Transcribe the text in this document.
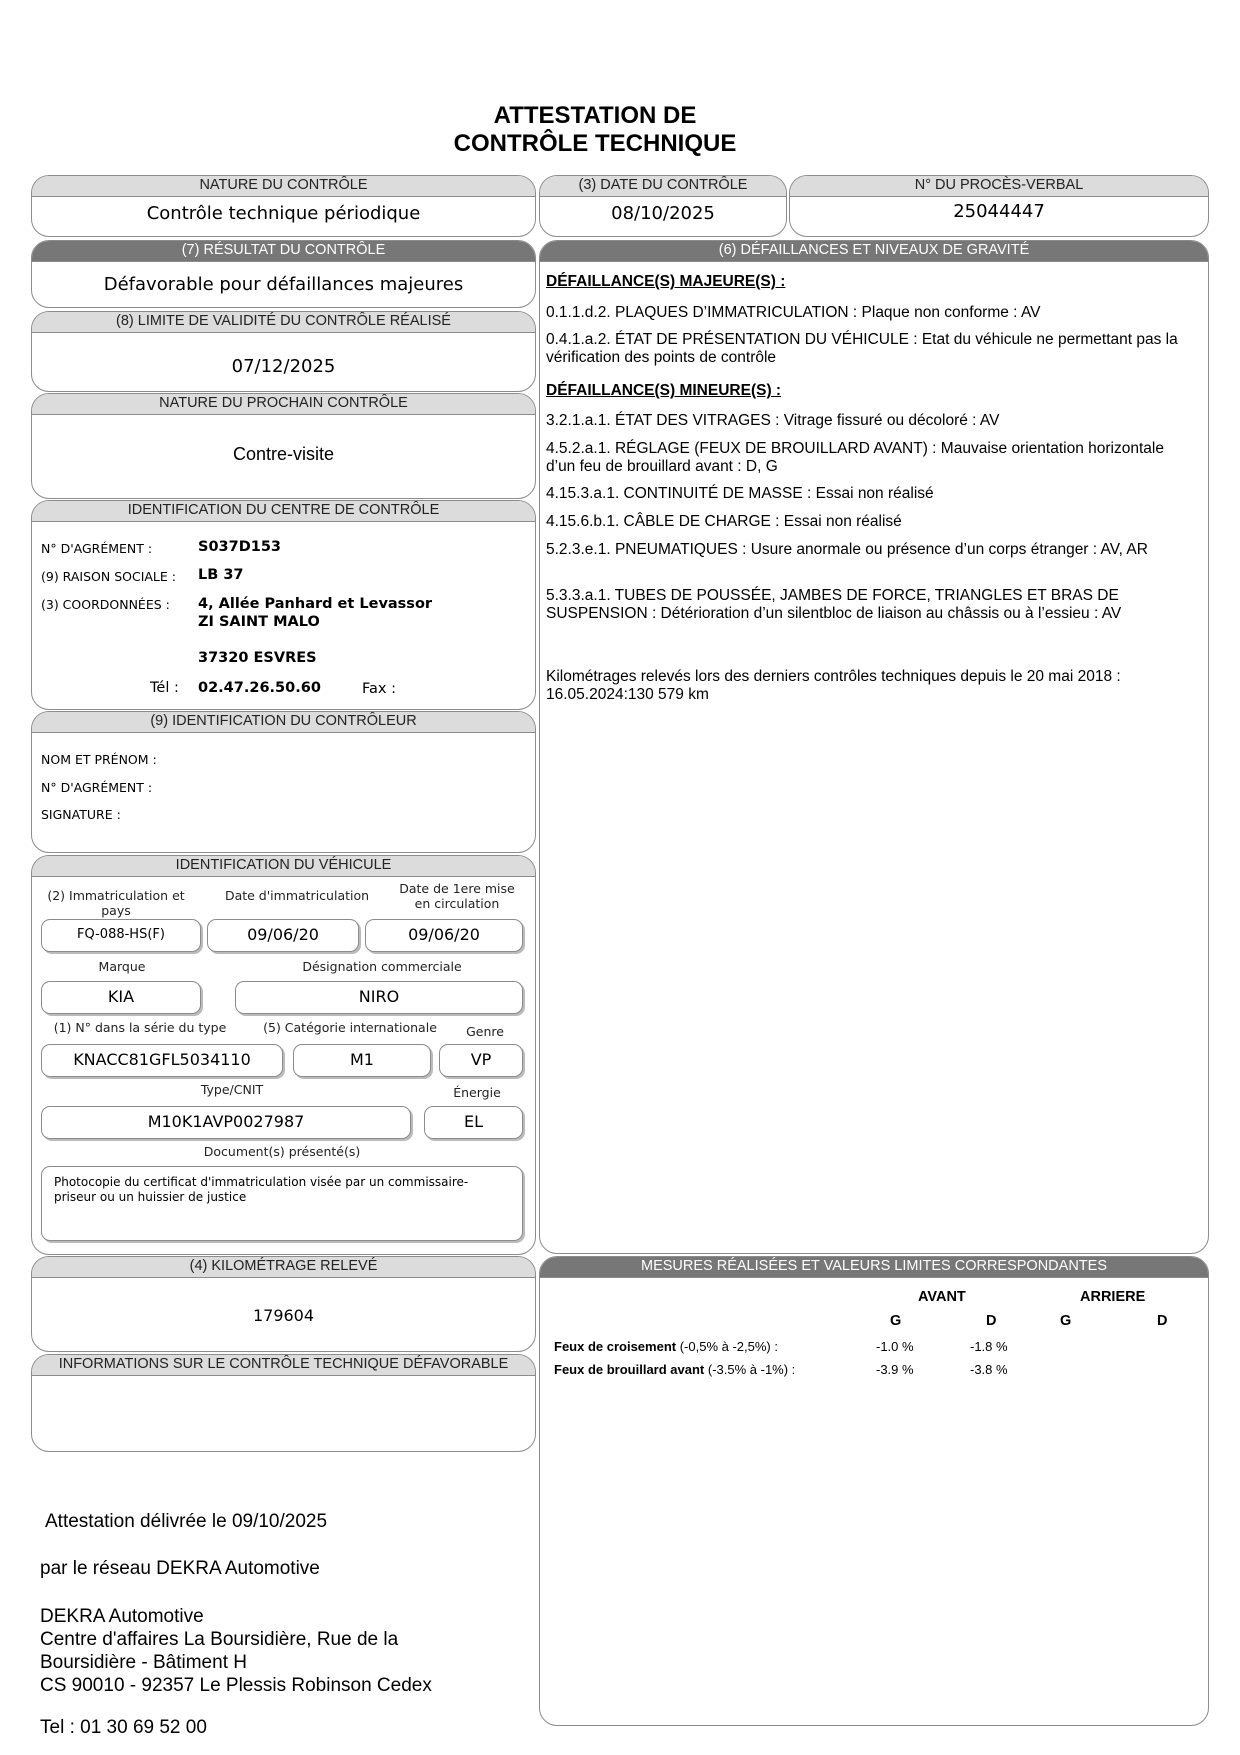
ATTESTATION DE
CONTRÔLE TECHNIQUE
NATURE DU CONTRÔLE
Contrôle technique périodique
(3) DATE DU CONTRÔLE
08/10/2025
N° DU PROCÈS-VERBAL
25044447
(7) RÉSULTAT DU CONTRÔLE
Défavorable pour défaillances majeures
(8) LIMITE DE VALIDITÉ DU CONTRÔLE RÉALISÉ
07/12/2025
NATURE DU PROCHAIN CONTRÔLE
Contre-visite
IDENTIFICATION DU CENTRE DE CONTRÔLE
N° D'AGRÉMENT :	S037D153
(9) RAISON SOCIALE : LB 37
(3) COORDONNÉES : 4, Allée Panhard et Levassor
ZI SAINT MALO
37320 ESVRES
Tél : 02.47.26.50.60	Fax :
(9) IDENTIFICATION DU CONTRÔLEUR
NOM ET PRÉNOM :
N° D'AGRÉMENT :
SIGNATURE :
IDENTIFICATION DU VÉHICULE
(2) Immatriculation et pays
Date d'immatriculation	Date de 1ere mise
en circulation
FQ-088-HS(F)	09/06/20	09/06/20
Marque	Désignation commerciale
KIA	NIRO
(1) N° dans la série du type	(5) Catégorie internationale	Genre
KNACC81GFL5034110	M1	VP
Type/CNIT	Énergie
M10K1AVP0027987	EL
Document(s) présenté(s)
Photocopie du certificat d'immatriculation visée par un commissaire-priseur ou un huissier de justice
(4) KILOMÉTRAGE RELEVÉ
179604
INFORMATIONS SUR LE CONTRÔLE TECHNIQUE DÉFAVORABLE
(6) DÉFAILLANCES ET NIVEAUX DE GRAVITÉ
DÉFAILLANCE(S) MAJEURE(S) :
0.1.1.d.2. PLAQUES D’IMMATRICULATION : Plaque non conforme : AV
0.4.1.a.2. ÉTAT DE PRÉSENTATION DU VÉHICULE : Etat du véhicule ne permettant pas la vérification des points de contrôle
DÉFAILLANCE(S) MINEURE(S) :
3.2.1.a.1. ÉTAT DES VITRAGES : Vitrage fissuré ou décoloré : AV
4.5.2.a.1. RÉGLAGE (FEUX DE BROUILLARD AVANT) : Mauvaise orientation horizontale d’un feu de brouillard avant : D, G
4.15.3.a.1. CONTINUITÉ DE MASSE : Essai non réalisé
4.15.6.b.1. CÂBLE DE CHARGE : Essai non réalisé
5.2.3.e.1. PNEUMATIQUES : Usure anormale ou présence d’un corps étranger : AV, AR
5.3.3.a.1. TUBES DE POUSSÉE, JAMBES DE FORCE, TRIANGLES ET BRAS DE SUSPENSION : Détérioration d’un silentbloc de liaison au châssis ou à l’essieu : AV
Kilométrages relevés lors des derniers contrôles techniques depuis le 20 mai 2018 : 16.05.2024:130 579 km
MESURES RÉALISÉES ET VALEURS LIMITES CORRESPONDANTES
AVANT	ARRIERE
G	D	G	D
Feux de croisement (-0,5% à -2,5%) :	-1.0 %	-1.8 %
Feux de brouillard avant (-3.5% à -1%) :	-3.9 %	-3.8 %
Attestation délivrée le 09/10/2025
par le réseau DEKRA Automotive
DEKRA Automotive
Centre d'affaires La Boursidière, Rue de la
Boursidière - Bâtiment H
CS 90010 - 92357 Le Plessis Robinson Cedex
Tel : 01 30 69 52 00
